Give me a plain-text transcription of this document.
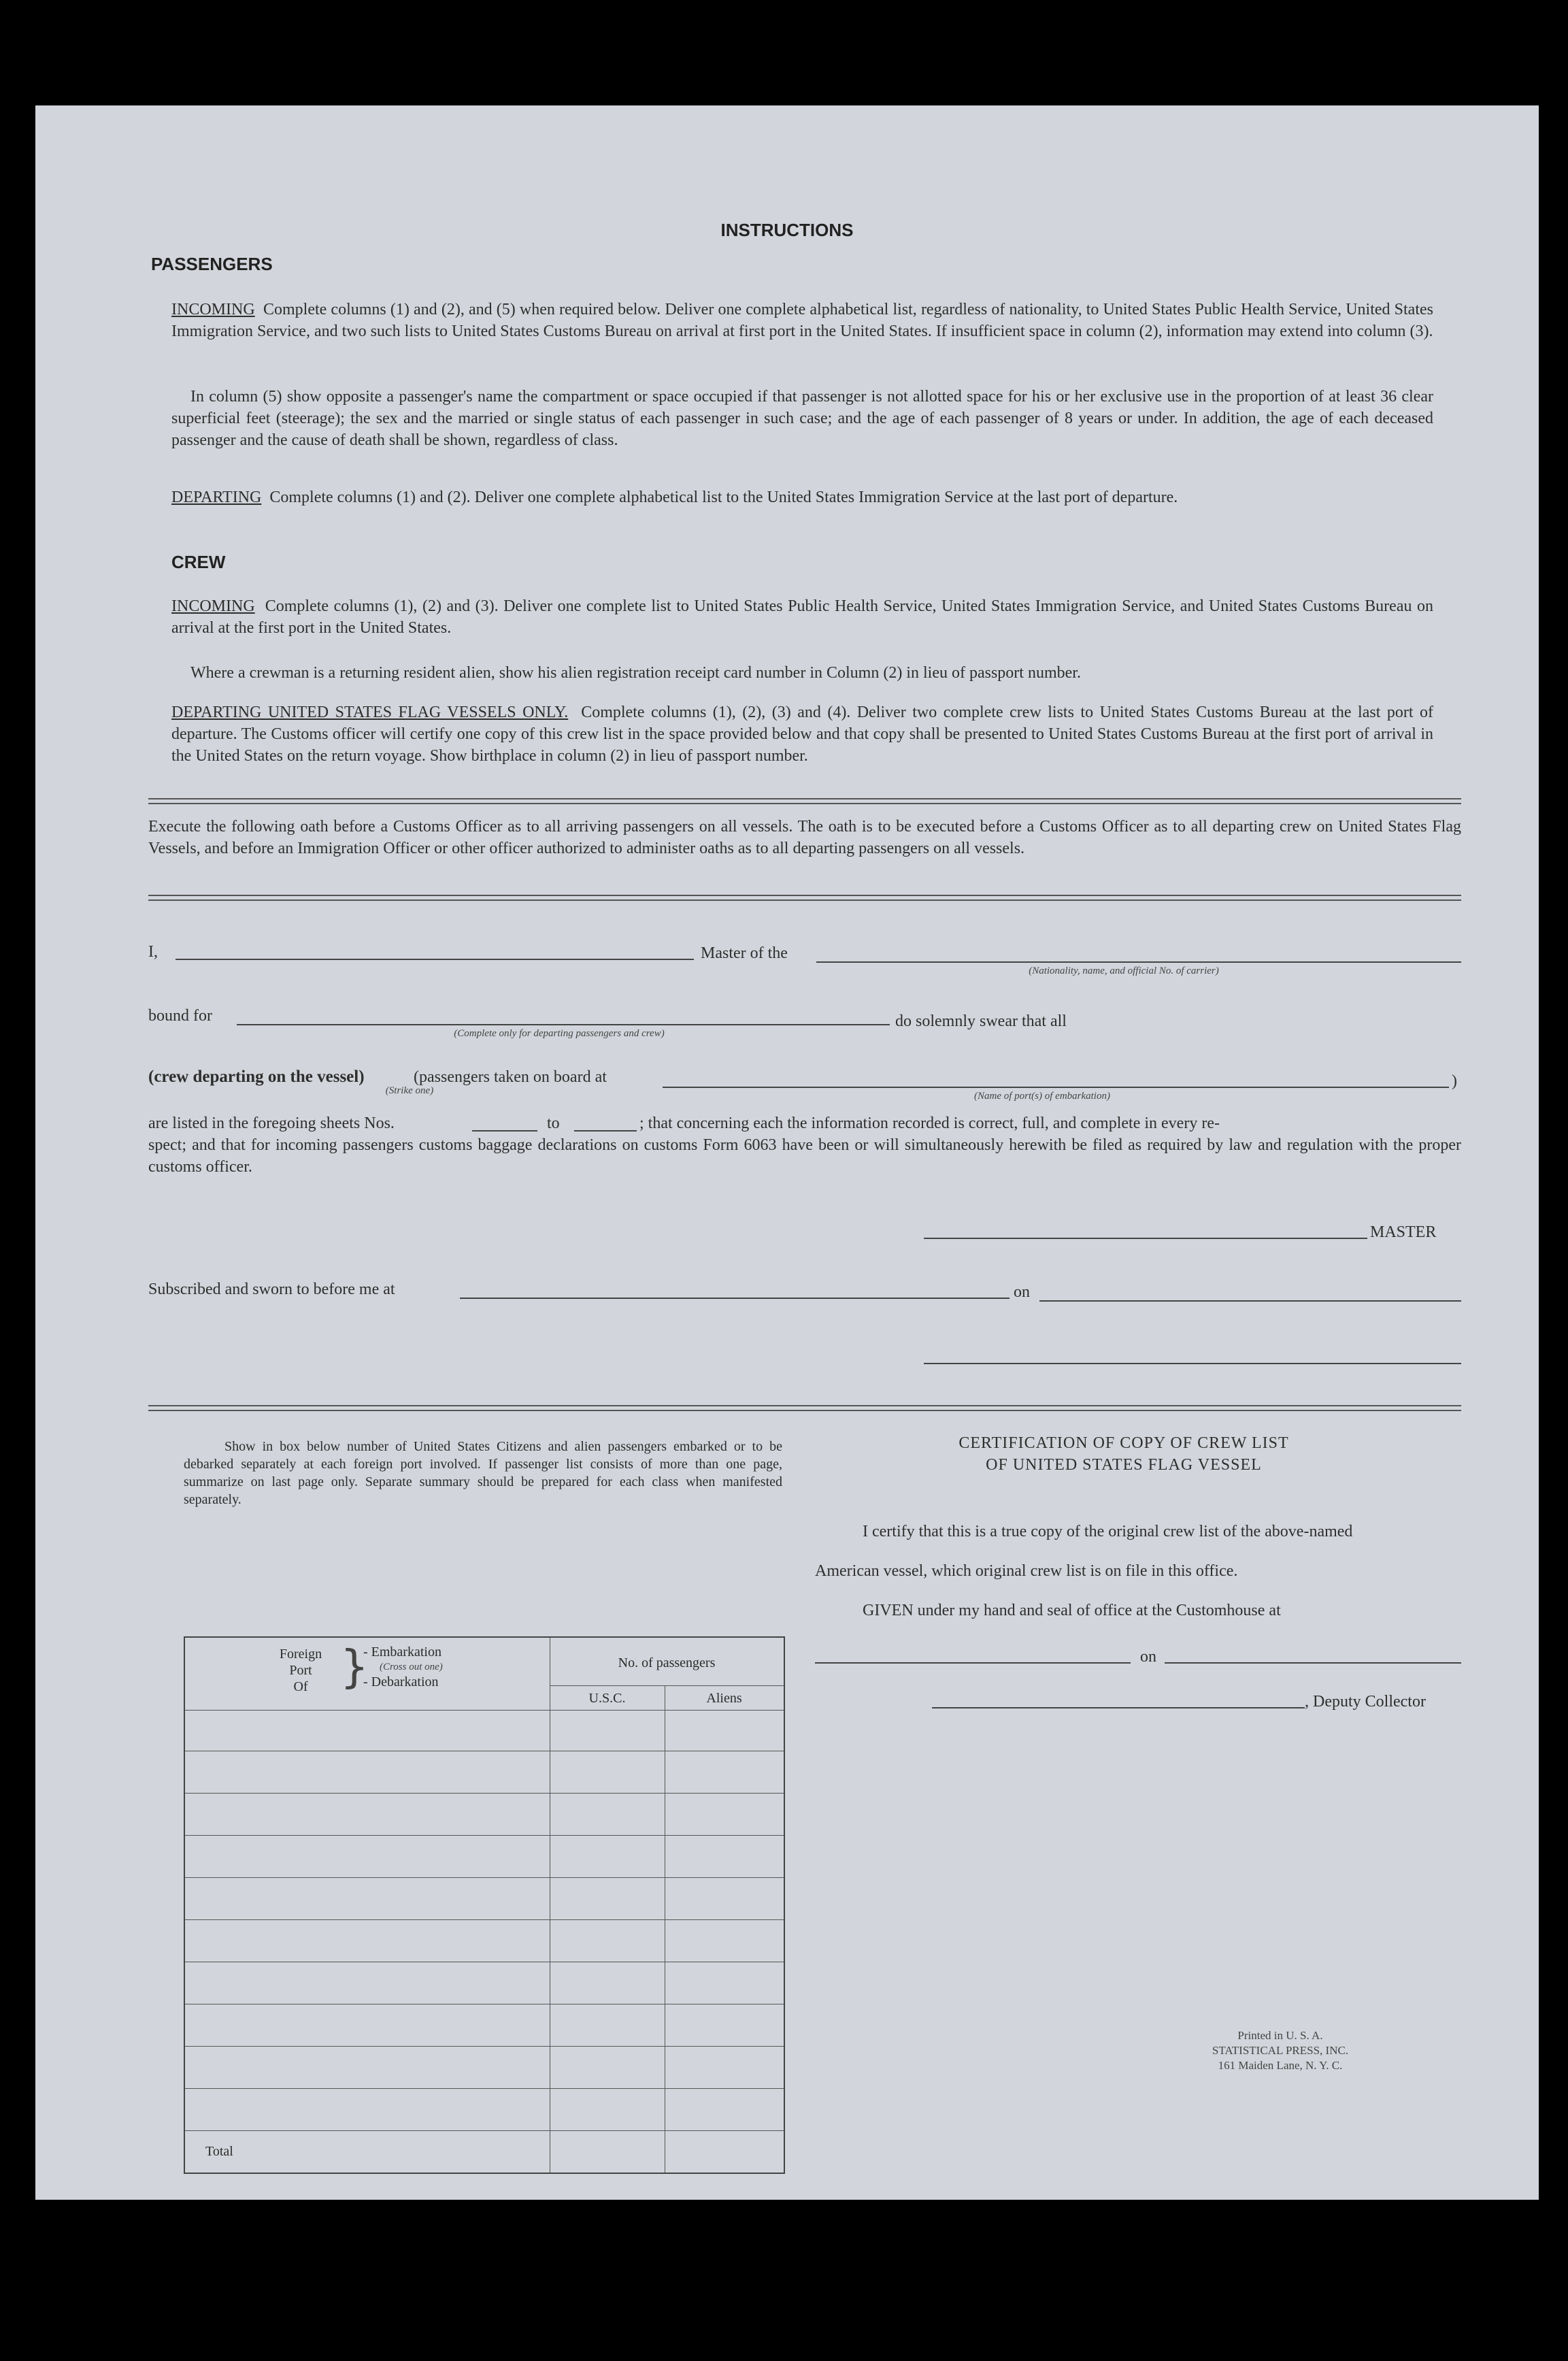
INSTRUCTIONS
PASSENGERS
INCOMING Complete columns (1) and (2), and (5) when required below. Deliver one complete alphabetical list, regardless of nationality, to United States Public Health Service, United States Immigration Service, and two such lists to United States Customs Bureau on arrival at first port in the United States. If insufficient space in column (2), information may extend into column (3).
In column (5) show opposite a passenger's name the compartment or space occupied if that passenger is not allotted space for his or her exclusive use in the proportion of at least 36 clear superficial feet (steerage); the sex and the married or single status of each passenger in such case; and the age of each passenger of 8 years or under. In addition, the age of each deceased passenger and the cause of death shall be shown, regardless of class.
DEPARTING Complete columns (1) and (2). Deliver one complete alphabetical list to the United States Immigration Service at the last port of departure.
CREW
INCOMING Complete columns (1), (2) and (3). Deliver one complete list to United States Public Health Service, United States Immigration Service, and United States Customs Bureau on arrival at the first port in the United States.
Where a crewman is a returning resident alien, show his alien registration receipt card number in Column (2) in lieu of passport number.
DEPARTING UNITED STATES FLAG VESSELS ONLY. Complete columns (1), (2), (3) and (4). Deliver two complete crew lists to United States Customs Bureau at the last port of departure. The Customs officer will certify one copy of this crew list in the space provided below and that copy shall be presented to United States Customs Bureau at the first port of arrival in the United States on the return voyage. Show birthplace in column (2) in lieu of passport number.
Execute the following oath before a Customs Officer as to all arriving passengers on all vessels. The oath is to be executed before a Customs Officer as to all departing crew on United States Flag Vessels, and before an Immigration Officer or other officer authorized to administer oaths as to all departing passengers on all vessels.
I,	Master of the
(Nationality, name, and official No. of carrier)
bound for
(Complete only for departing passengers and crew)
do solemnly swear that all
(crew departing on the vessel)
(Strike one)
(passengers taken on board at	)
(Name of port(s) of embarkation)
are listed in the foregoing sheets Nos.	to	; that concerning each the information recorded is correct, full, and complete in every re-
spect; and that for incoming passengers customs baggage declarations on customs Form 6063 have been or will simultaneously herewith be filed as required by law and regulation with the proper customs officer.
MASTER
Subscribed and sworn to before me at	on
Show in box below number of United States Citizens and alien passengers embarked or to be debarked separately at each foreign port involved. If passenger list consists of more than one page, summarize on last page only. Separate summary should be prepared for each class when manifested separately.
Foreign
Port
Of }
- Embarkation
(Cross out one)
- Debarkation
No. of passengers
U.S.C.	Aliens
Total
CERTIFICATION OF COPY OF CREW LIST
OF UNITED STATES FLAG VESSEL
I certify that this is a true copy of the original crew list of the above-named
American vessel, which original crew list is on file in this office.
GIVEN under my hand and seal of office at the Customhouse at
on
, Deputy Collector
Printed in U. S. A.
STATISTICAL PRESS, INC.
161 Maiden Lane, N. Y. C.
